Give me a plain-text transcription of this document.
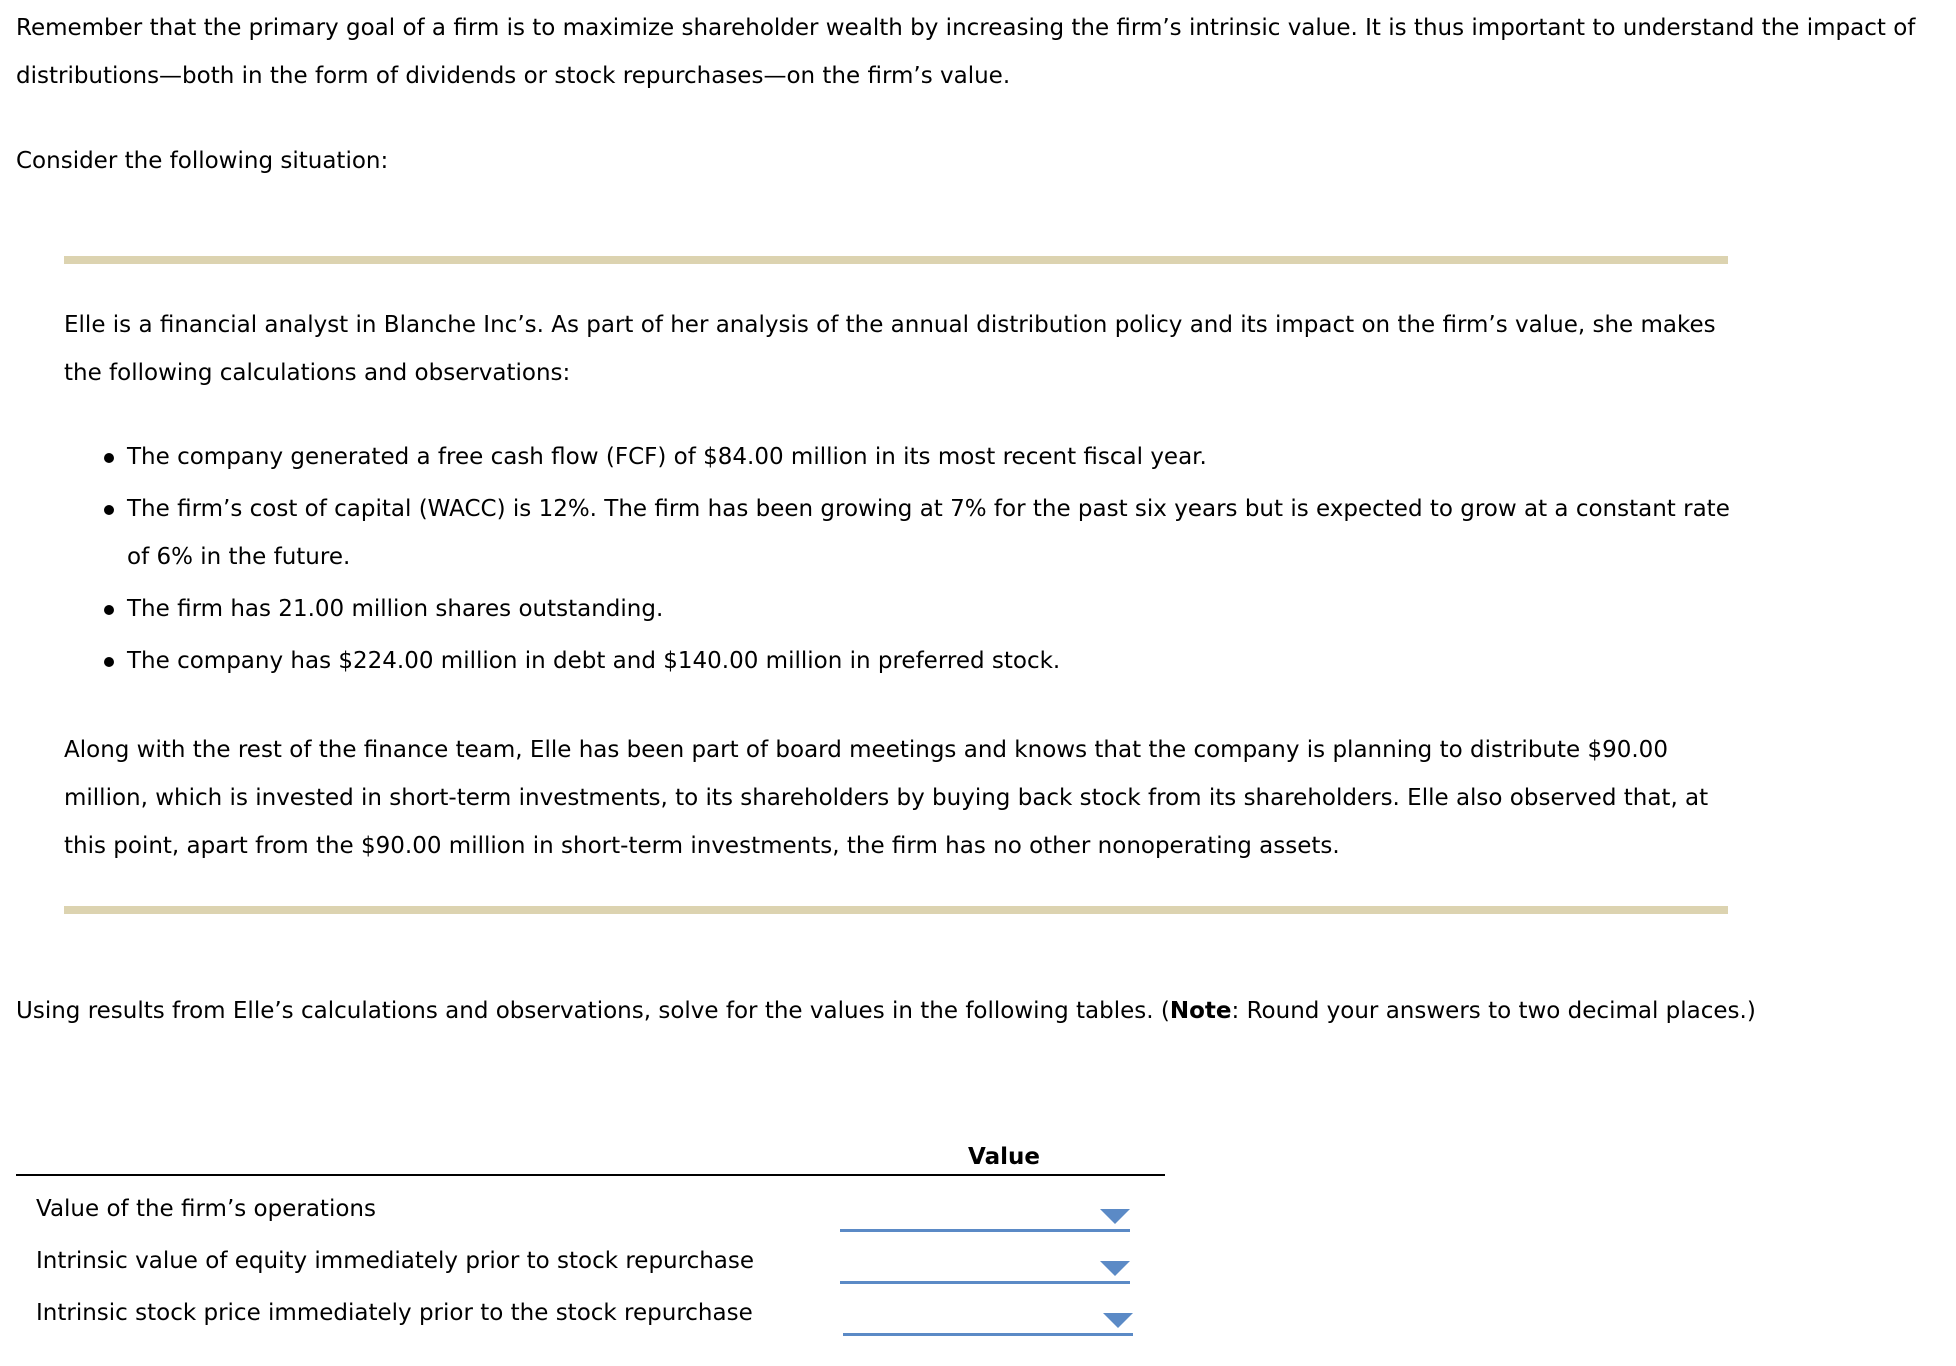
Remember that the primary goal of a firm is to maximize shareholder wealth by increasing the firm’s intrinsic value. It is thus important to understand the impact of distributions—both in the form of dividends or stock repurchases—on the firm’s value.

Consider the following situation:

Elle is a financial analyst in Blanche Inc’s. As part of her analysis of the annual distribution policy and its impact on the firm’s value, she makes the following calculations and observations:

The company generated a free cash flow (FCF) of $84.00 million in its most recent fiscal year.
The firm’s cost of capital (WACC) is 12%. The firm has been growing at 7% for the past six years but is expected to grow at a constant rate of 6% in the future.
The firm has 21.00 million shares outstanding.
The company has $224.00 million in debt and $140.00 million in preferred stock.

Along with the rest of the finance team, Elle has been part of board meetings and knows that the company is planning to distribute $90.00 million, which is invested in short-term investments, to its shareholders by buying back stock from its shareholders. Elle also observed that, at this point, apart from the $90.00 million in short-term investments, the firm has no other nonoperating assets.

Using results from Elle’s calculations and observations, solve for the values in the following tables. (Note: Round your answers to two decimal places.)

Value
Value of the firm’s operations
Intrinsic value of equity immediately prior to stock repurchase
Intrinsic stock price immediately prior to the stock repurchase
